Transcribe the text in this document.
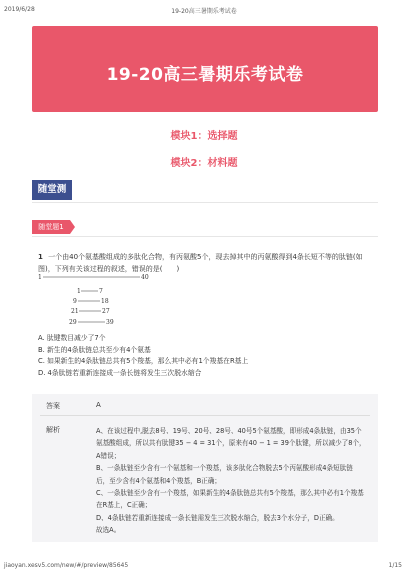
2019/6/28	19-20高三暑期乐考试卷
19-20高三暑期乐考试卷
模块1：选择题
模块2：材料题
随堂测
随堂题1
1 一个由40个氨基酸组成的多肽化合物，有丙氨酸5个，现去掉其中的丙氨酸得到4条长短不等的肽链(如图)，下列有关该过程的叙述，错误的是(　　)
1	40
1	7
9	18
21	27
29	39
A. 肽键数目减少了7个
B. 新生的4条肽链总共至少有4个氨基
C. 如果新生的4条肽链总共有5个羧基，那么其中必有1个羧基在R基上
D. 4条肽链若重新连接成一条长链将发生三次脱水缩合
答案	A
解析	A、在该过程中,脱去8号、19号、20号、28号、40号5个氨基酸，即形成4条肽链，由35个氨基酸组成，所以共有肽键35 − 4 = 31个，原来有40 − 1 = 39个肽键，所以减少了8个，A错误；
B、一条肽链至少含有一个氨基和一个羧基，该多肽化合物脱去5个丙氨酸形成4条短肽链后，至少含有4个氨基和4个羧基，B正确；
C、一条肽链至少含有一个羧基，如果新生的4条肽链总共有5个羧基，那么其中必有1个羧基在R基上，C正确；
D、4条肽链若重新连接成一条长链需发生三次脱水缩合，脱去3个水分子，D正确。
故选A。
jiaoyan.xesv5.com/new/#/preview/85645	1/15
